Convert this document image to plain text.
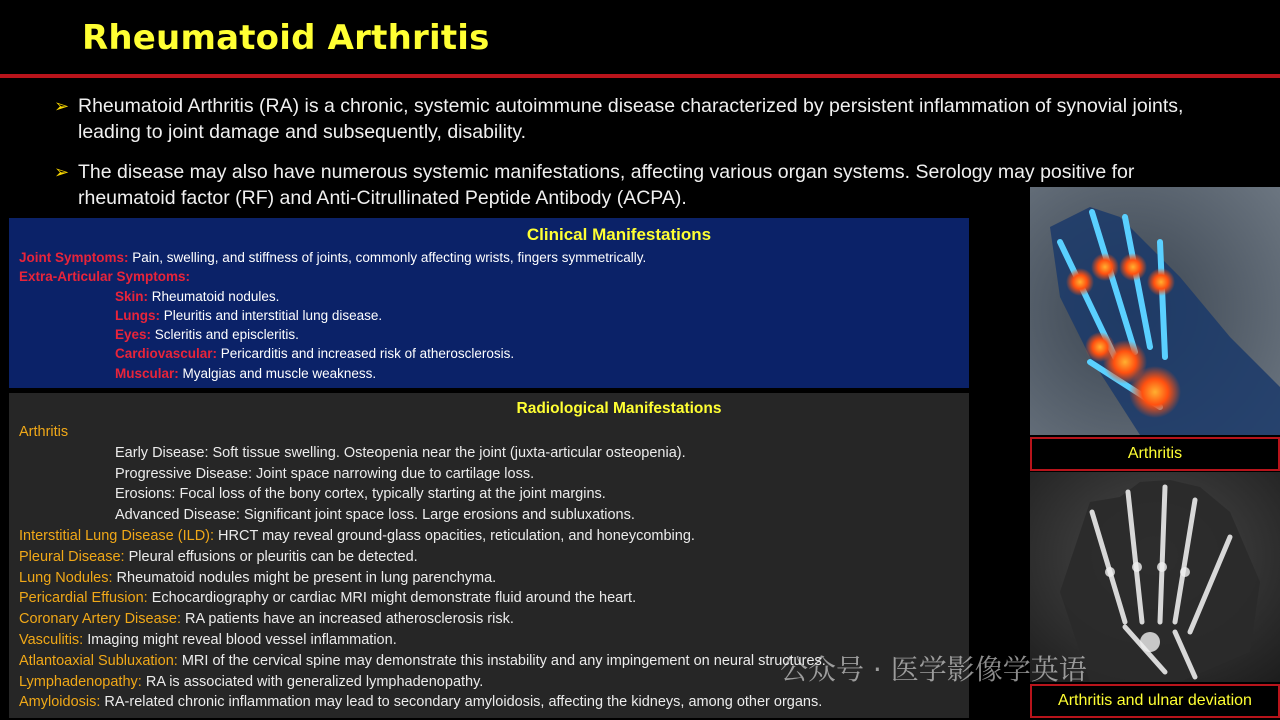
Rheumatoid Arthritis
➢ Rheumatoid Arthritis (RA) is a chronic, systemic autoimmune disease characterized by persistent inflammation of synovial joints, leading to joint damage and subsequently, disability.
➢ The disease may also have numerous systemic manifestations, affecting various organ systems. Serology may positive for rheumatoid factor (RF) and Anti-Citrullinated Peptide Antibody (ACPA).
Clinical Manifestations
Joint Symptoms: Pain, swelling, and stiffness of joints, commonly affecting wrists, fingers symmetrically.
Extra-Articular Symptoms:
Skin: Rheumatoid nodules.
Lungs: Pleuritis and interstitial lung disease.
Eyes: Scleritis and episcleritis.
Cardiovascular: Pericarditis and increased risk of atherosclerosis.
Muscular: Myalgias and muscle weakness.
Radiological Manifestations
Arthritis
Early Disease: Soft tissue swelling. Osteopenia near the joint (juxta-articular osteopenia).
Progressive Disease: Joint space narrowing due to cartilage loss.
Erosions: Focal loss of the bony cortex, typically starting at the joint margins.
Advanced Disease: Significant joint space loss. Large erosions and subluxations.
Interstitial Lung Disease (ILD): HRCT may reveal ground-glass opacities, reticulation, and honeycombing.
Pleural Disease: Pleural effusions or pleuritis can be detected.
Lung Nodules: Rheumatoid nodules might be present in lung parenchyma.
Pericardial Effusion: Echocardiography or cardiac MRI might demonstrate fluid around the heart.
Coronary Artery Disease: RA patients have an increased atherosclerosis risk.
Vasculitis: Imaging might reveal blood vessel inflammation.
Atlantoaxial Subluxation: MRI of the cervical spine may demonstrate this instability and any impingement on neural structures.
Lymphadenopathy: RA is associated with generalized lymphadenopathy.
Amyloidosis: RA-related chronic inflammation may lead to secondary amyloidosis, affecting the kidneys, among other organs.
Arthritis
Arthritis and ulnar deviation
公众号 · 医学影像学英语
